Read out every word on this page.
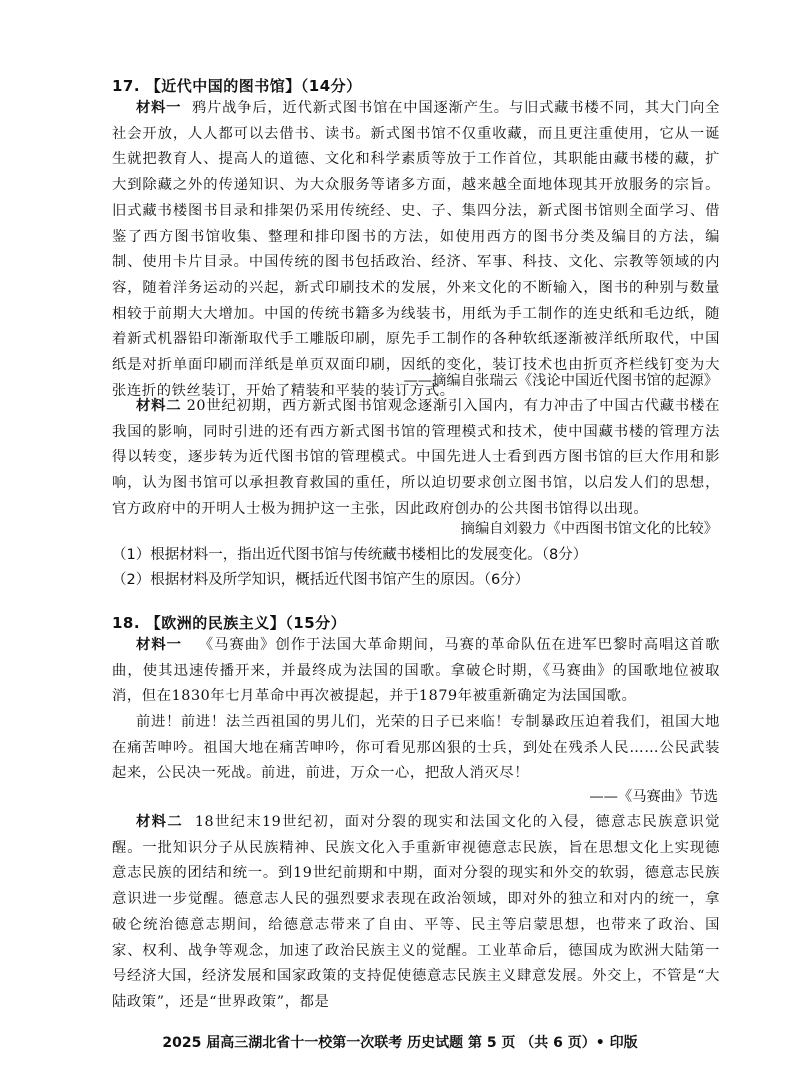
17. 【近代中国的图书馆】（14分）
材料一 鸦片战争后，近代新式图书馆在中国逐渐产生。与旧式藏书楼不同，其大门向全社会开放，人人都可以去借书、读书。新式图书馆不仅重收藏，而且更注重使用，它从一诞生就把教育人、提高人的道德、文化和科学素质等放于工作首位，其职能由藏书楼的藏，扩大到除藏之外的传递知识、为大众服务等诸多方面，越来越全面地体现其开放服务的宗旨。旧式藏书楼图书目录和排架仍采用传统经、史、子、集四分法，新式图书馆则全面学习、借鉴了西方图书馆收集、整理和排印图书的方法，如使用西方的图书分类及编目的方法，编制、使用卡片目录。中国传统的图书包括政治、经济、军事、科技、文化、宗教等领域的内容，随着洋务运动的兴起，新式印刷技术的发展，外来文化的不断输入，图书的种别与数量相较于前期大大增加。中国的传统书籍多为线装书，用纸为手工制作的连史纸和毛边纸，随着新式机器铅印渐渐取代手工雕版印刷，原先手工制作的各种软纸逐渐被洋纸所取代，中国纸是对折单面印刷而洋纸是单页双面印刷，因纸的变化，装订技术也由折页齐栏线钉变为大张连折的铁丝装订，开始了精装和平装的装订方式。
——摘编自张瑞云《浅论中国近代图书馆的起源》
材料二 20世纪初期，西方新式图书馆观念逐渐引入国内，有力冲击了中国古代藏书楼在我国的影响，同时引进的还有西方新式图书馆的管理模式和技术，使中国藏书楼的管理方法得以转变，逐步转为近代图书馆的管理模式。中国先进人士看到西方图书馆的巨大作用和影响，认为图书馆可以承担教育救国的重任，所以迫切要求创立图书馆，以启发人们的思想，官方政府中的开明人士极为拥护这一主张，因此政府创办的公共图书馆得以出现。
摘编自刘毅力《中西图书馆文化的比较》
（1）根据材料一，指出近代图书馆与传统藏书楼相比的发展变化。（8分）
（2）根据材料及所学知识，概括近代图书馆产生的原因。（6分）
18. 【欧洲的民族主义】（15分）
材料一 《马赛曲》创作于法国大革命期间，马赛的革命队伍在进军巴黎时高唱这首歌曲，使其迅速传播开来，并最终成为法国的国歌。拿破仑时期，《马赛曲》的国歌地位被取消，但在1830年七月革命中再次被提起，并于1879年被重新确定为法国国歌。
前进！前进！法兰西祖国的男儿们，光荣的日子已来临！专制暴政压迫着我们，祖国大地在痛苦呻吟。祖国大地在痛苦呻吟，你可看见那凶狠的士兵，到处在残杀人民……公民武装起来，公民决一死战。前进，前进，万众一心，把敌人消灭尽！
——《马赛曲》节选
材料二 18世纪末19世纪初，面对分裂的现实和法国文化的入侵，德意志民族意识觉醒。一批知识分子从民族精神、民族文化入手重新审视德意志民族，旨在思想文化上实现德意志民族的团结和统一。到19世纪前期和中期，面对分裂的现实和外交的软弱，德意志民族意识进一步觉醒。德意志人民的强烈要求表现在政治领域，即对外的独立和对内的统一，拿破仑统治德意志期间，给德意志带来了自由、平等、民主等启蒙思想，也带来了政治、国家、权利、战争等观念，加速了政治民族主义的觉醒。工业革命后，德国成为欧洲大陆第一号经济大国，经济发展和国家政策的支持促使德意志民族主义肆意发展。外交上，不管是“大陆政策”，还是“世界政策”，都是
2025 届高三湖北省十一校第一次联考 历史试题 第 5 页 （共 6 页）• 印版
